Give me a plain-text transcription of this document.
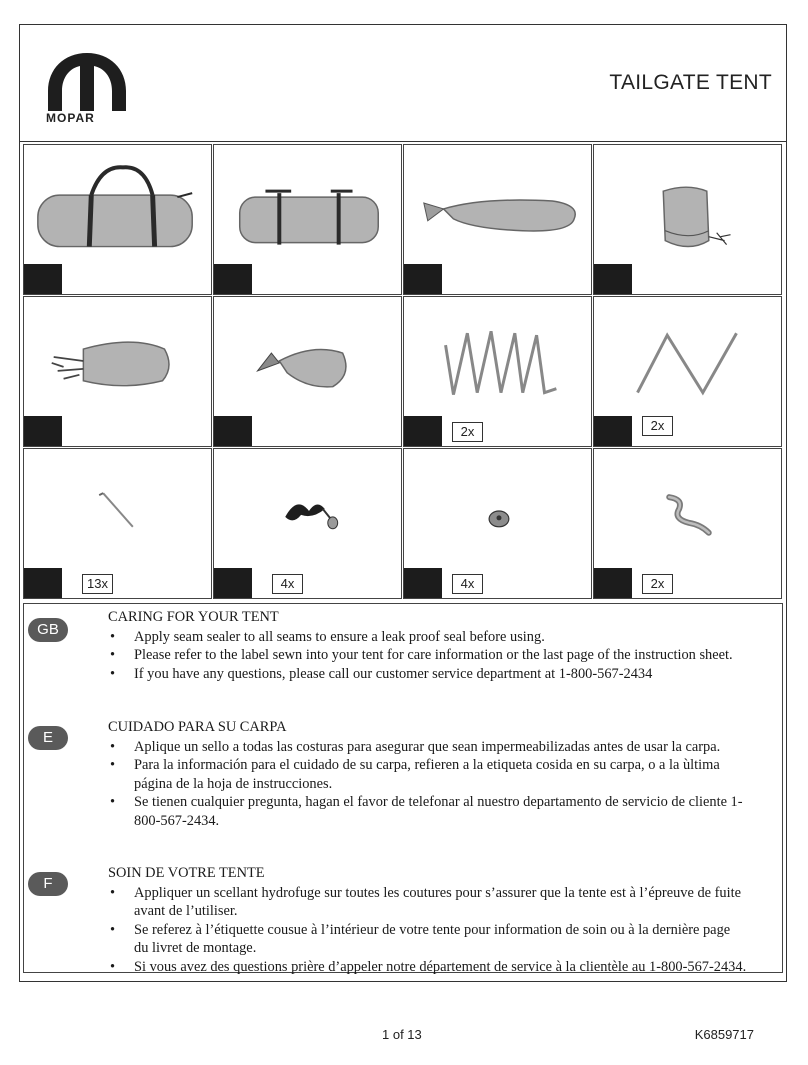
MOPAR
TAILGATE TENT
2x	2x
13x	4x	4x	2x
GB
CARING FOR YOUR TENT
• Apply seam sealer to all seams to ensure a leak proof seal before using.
• Please refer to the label sewn into your tent for care information or the last page of the instruction sheet.
• If you have any questions, please call our customer service department at 1-800-567-2434
E
CUIDADO PARA SU CARPA
• Aplique un sello a todas las costuras para asegurar que sean impermeabilizadas antes de usar la carpa.
• Para la información para el cuidado de su carpa, refieren a la etiqueta cosida en su carpa, o a la ùltima página de la hoja de instrucciones.
• Se tienen cualquier pregunta, hagan el favor de telefonar al nuestro departamento de servicio de cliente 1-800-567-2434.
F
SOIN DE VOTRE TENTE
• Appliquer un scellant hydrofuge sur toutes les coutures pour s’assurer que la tente est à l’épreuve de fuite avant de l’utiliser.
• Se referez à l’étiquette cousue à l’intérieur de votre tente pour information de soin ou à la dernière page du livret de montage.
• Si vous avez des questions prière d’appeler notre département de service à la clientèle au 1-800-567-2434.
1 of 13	K6859717
